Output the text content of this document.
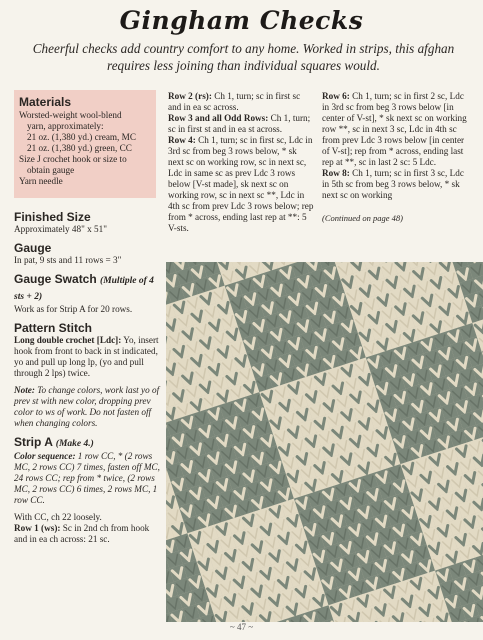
Gingham Checks
Cheerful checks add country comfort to any home. Worked in strips, this afghan requires less joining than individual squares would.
Materials
Worsted-weight wool-blend
yarn, approximately:
21 oz. (1,380 yd.) cream, MC
21 oz. (1,380 yd.) green, CC
Size J crochet hook or size to
obtain gauge
Yarn needle
Finished Size
Approximately 48" x 51"
Gauge
In pat, 9 sts and 11 rows = 3"
Gauge Swatch (Multiple of 4 sts + 2)
Work as for Strip A for 20 rows.
Pattern Stitch
Long double crochet [Ldc]: Yo, insert hook from front to back in st indicated, yo and pull up long lp, (yo and pull through 2 lps) twice.
Note: To change colors, work last yo of prev st with new color, dropping prev color to ws of work. Do not fasten off when changing colors.
Strip A (Make 4.)
Color sequence: 1 row CC, * (2 rows MC, 2 rows CC) 7 times, fasten off MC, 24 rows CC; rep from * twice, (2 rows MC, 2 rows CC) 6 times, 2 rows MC, 1 row CC.
With CC, ch 22 loosely.
Row 1 (ws): Sc in 2nd ch from hook and in ea ch across: 21 sc.
Row 2 (rs): Ch 1, turn; sc in first sc and in ea sc across.
Row 3 and all Odd Rows: Ch 1, turn; sc in first st and in ea st across.
Row 4: Ch 1, turn; sc in first sc, Ldc in 3rd sc from beg 3 rows below, * sk next sc on working row, sc in next sc, Ldc in same sc as prev Ldc 3 rows below [V-st made], sk next sc on working row, sc in next sc **, Ldc in 4th sc from prev Ldc 3 rows below; rep from * across, ending last rep at **: 5 V-sts.
Row 6: Ch 1, turn; sc in first 2 sc, Ldc in 3rd sc from beg 3 rows below [in center of V-st], * sk next sc on working row **, sc in next 3 sc, Ldc in 4th sc from prev Ldc 3 rows below [in center of V-st]; rep from * across, ending last rep at **, sc in last 2 sc: 5 Ldc.
Row 8: Ch 1, turn; sc in first 3 sc, Ldc in 5th sc from beg 3 rows below, * sk next sc on working
(Continued on page 48)
~ 47 ~
